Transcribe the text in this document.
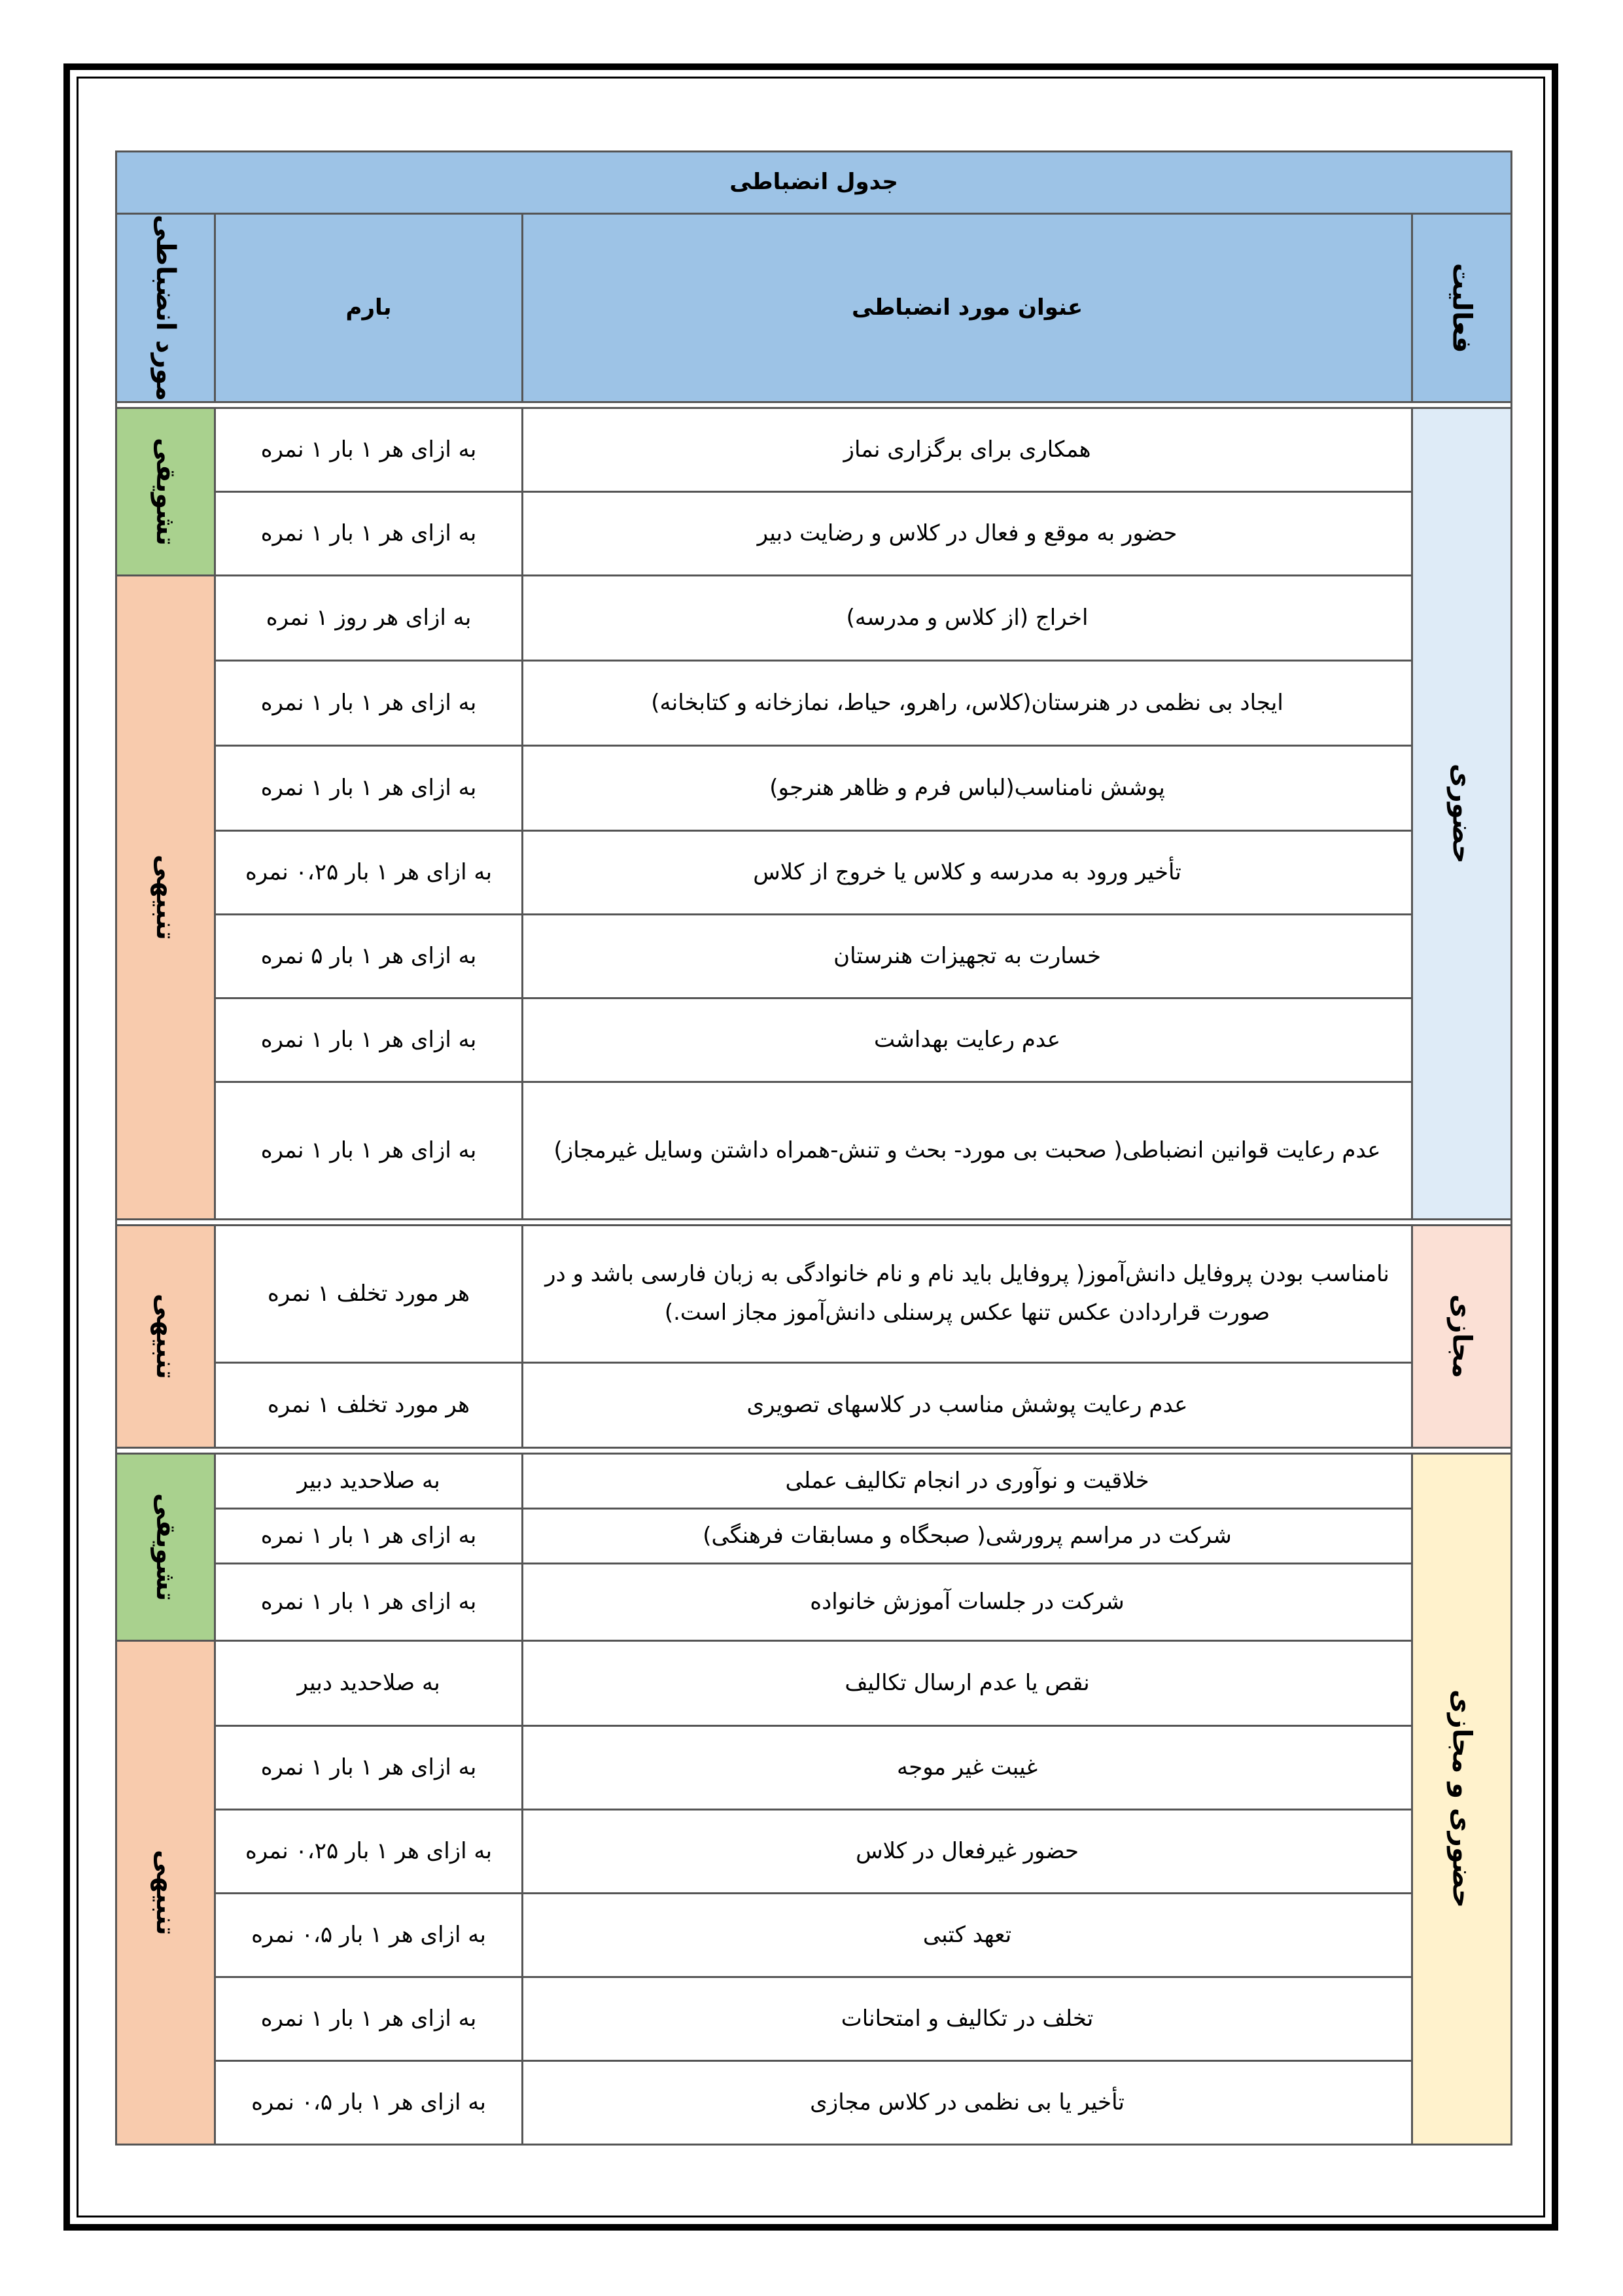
جدول انضباطی			

فعالیت	عنوان مورد انضباطی	بارم	مورد انضباطی

حضوری	همکاری برای برگزاری نماز	به ازای هر ۱ بار ۱ نمره	تشویقی

	حضور به موقع و فعال در کلاس و رضایت دبیر	به ازای هر ۱ بار ۱ نمره	
	اخراج (از کلاس و مدرسه)	به ازای هر روز ۱ نمره	تنبیهی

	ایجاد بی نظمی در هنرستان(کلاس، راهرو، حیاط، نمازخانه و کتابخانه)	به ازای هر ۱ بار ۱ نمره	
	پوشش نامناسب(لباس فرم و ظاهر هنرجو)	به ازای هر ۱ بار ۱ نمره	
	تأخیر ورود به مدرسه و کلاس یا خروج از کلاس	به ازای هر ۱ بار ۰،۲۵ نمره	
	خسارت به تجهیزات هنرستان	به ازای هر ۱ بار ۵ نمره	
	عدم رعایت بهداشت	به ازای هر ۱ بار ۱ نمره	
	عدم رعایت قوانین انضباطی( صحبت بی مورد- بحث و تنش-همراه داشتن وسایل غیرمجاز)	به ازای هر ۱ بار ۱ نمره	

مجازی	نامناسب بودن پروفایل دانش‌آموز( پروفایل باید نام و نام خانوادگی به زبان فارسی باشد و در صورت قراردادن عکس تنها عکس پرسنلی دانش‌آموز مجاز است.)	هر مورد تخلف ۱ نمره	تنبیهی

	عدم رعایت پوشش مناسب در کلاسهای تصویری	هر مورد تخلف ۱ نمره	

حضوری و مجازی	خلاقیت و نوآوری در انجام تکالیف عملی	به صلاحدید دبیر	تشویقی

	شرکت در مراسم پرورشی( صبحگاه و مسابقات فرهنگی)	به ازای هر ۱ بار ۱ نمره	
	شرکت در جلسات آموزش خانواده	به ازای هر ۱ بار ۱ نمره	
	نقص یا عدم ارسال تکالیف	به صلاحدید دبیر	تنبیهی

	غیبت غیر موجه	به ازای هر ۱ بار ۱ نمره	
	حضور غیرفعال در کلاس	به ازای هر ۱ بار ۰،۲۵ نمره	
	تعهد کتبی	به ازای هر ۱ بار ۰،۵ نمره	
	تخلف در تکالیف و امتحانات	به ازای هر ۱ بار ۱ نمره	
	تأخیر یا بی نظمی در کلاس مجازی	به ازای هر ۱ بار ۰،۵ نمره	
